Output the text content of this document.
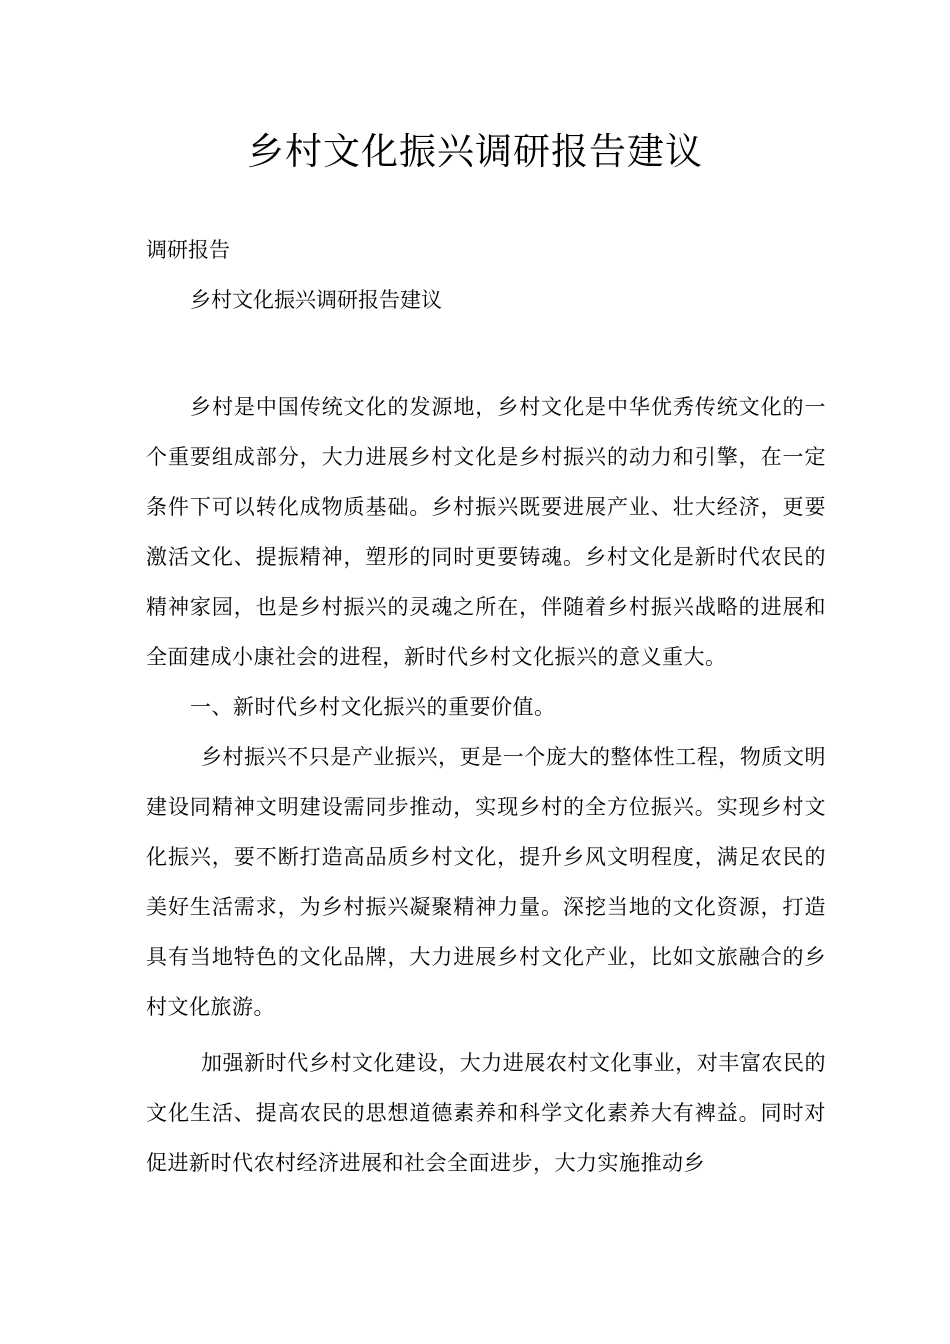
乡村文化振兴调研报告建议
调研报告
乡村文化振兴调研报告建议

乡村是中国传统文化的发源地，乡村文化是中华优秀传统文化的一个重要组成部分，大力进展乡村文化是乡村振兴的动力和引擎，在一定条件下可以转化成物质基础。乡村振兴既要进展产业、壮大经济，更要激活文化、提振精神，塑形的同时更要铸魂。乡村文化是新时代农民的精神家园，也是乡村振兴的灵魂之所在，伴随着乡村振兴战略的进展和全面建成小康社会的进程，新时代乡村文化振兴的意义重大。

一、新时代乡村文化振兴的重要价值。

乡村振兴不只是产业振兴，更是一个庞大的整体性工程，物质文明建设同精神文明建设需同步推动，实现乡村的全方位振兴。实现乡村文化振兴，要不断打造高品质乡村文化，提升乡风文明程度，满足农民的美好生活需求，为乡村振兴凝聚精神力量。深挖当地的文化资源，打造具有当地特色的文化品牌，大力进展乡村文化产业，比如文旅融合的乡村文化旅游。

加强新时代乡村文化建设，大力进展农村文化事业，对丰富农民的文化生活、提高农民的思想道德素养和科学文化素养大有裨益。同时对促进新时代农村经济进展和社会全面进步，大力实施推动乡
